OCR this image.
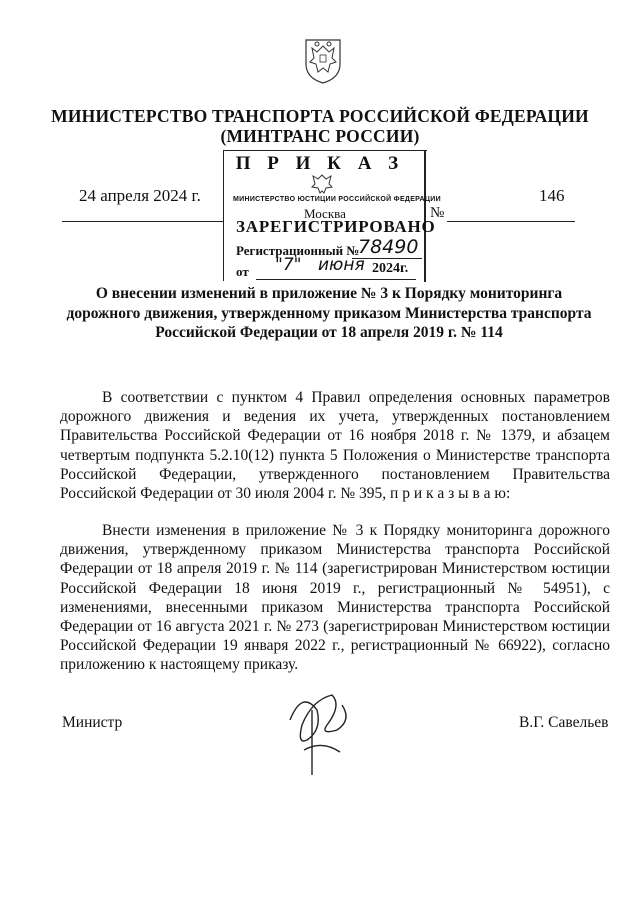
МИНИСТЕРСТВО ТРАНСПОРТА РОССИЙСКОЙ ФЕДЕРАЦИИ
(МИНТРАНС РОССИИ)
П Р И К А З
МИНИСТЕРСТВО ЮСТИЦИИ РОССИЙСКОЙ ФЕДЕРАЦИИ
Москва
ЗАРЕГИСТРИРОВАНО
Регистрационный №
78490
от "7" июня 2024г.
24 апреля 2024 г.
№
146
О внесении изменений в приложение № 3 к Порядку мониторинга дорожного движения, утвержденному приказом Министерства транспорта Российской Федерации от 18 апреля 2019 г. № 114
В соответствии с пунктом 4 Правил определения основных параметров дорожного движения и ведения их учета, утвержденных постановлением Правительства Российской Федерации от 16 ноября 2018 г. № 1379, и абзацем четвертым подпункта 5.2.10(12) пункта 5 Положения о Министерстве транспорта Российской Федерации, утвержденного постановлением Правительства Российской Федерации от 30 июля 2004 г. № 395, п р и к а з ы в а ю:
Внести изменения в приложение № 3 к Порядку мониторинга дорожного движения, утвержденному приказом Министерства транспорта Российской Федерации от 18 апреля 2019 г. № 114 (зарегистрирован Министерством юстиции Российской Федерации 18 июня 2019 г., регистрационный № 54951), с изменениями, внесенными приказом Министерства транспорта Российской Федерации от 16 августа 2021 г. № 273 (зарегистрирован Министерством юстиции Российской Федерации 19 января 2022 г., регистрационный № 66922), согласно приложению к настоящему приказу.
Министр	В.Г. Савельев
